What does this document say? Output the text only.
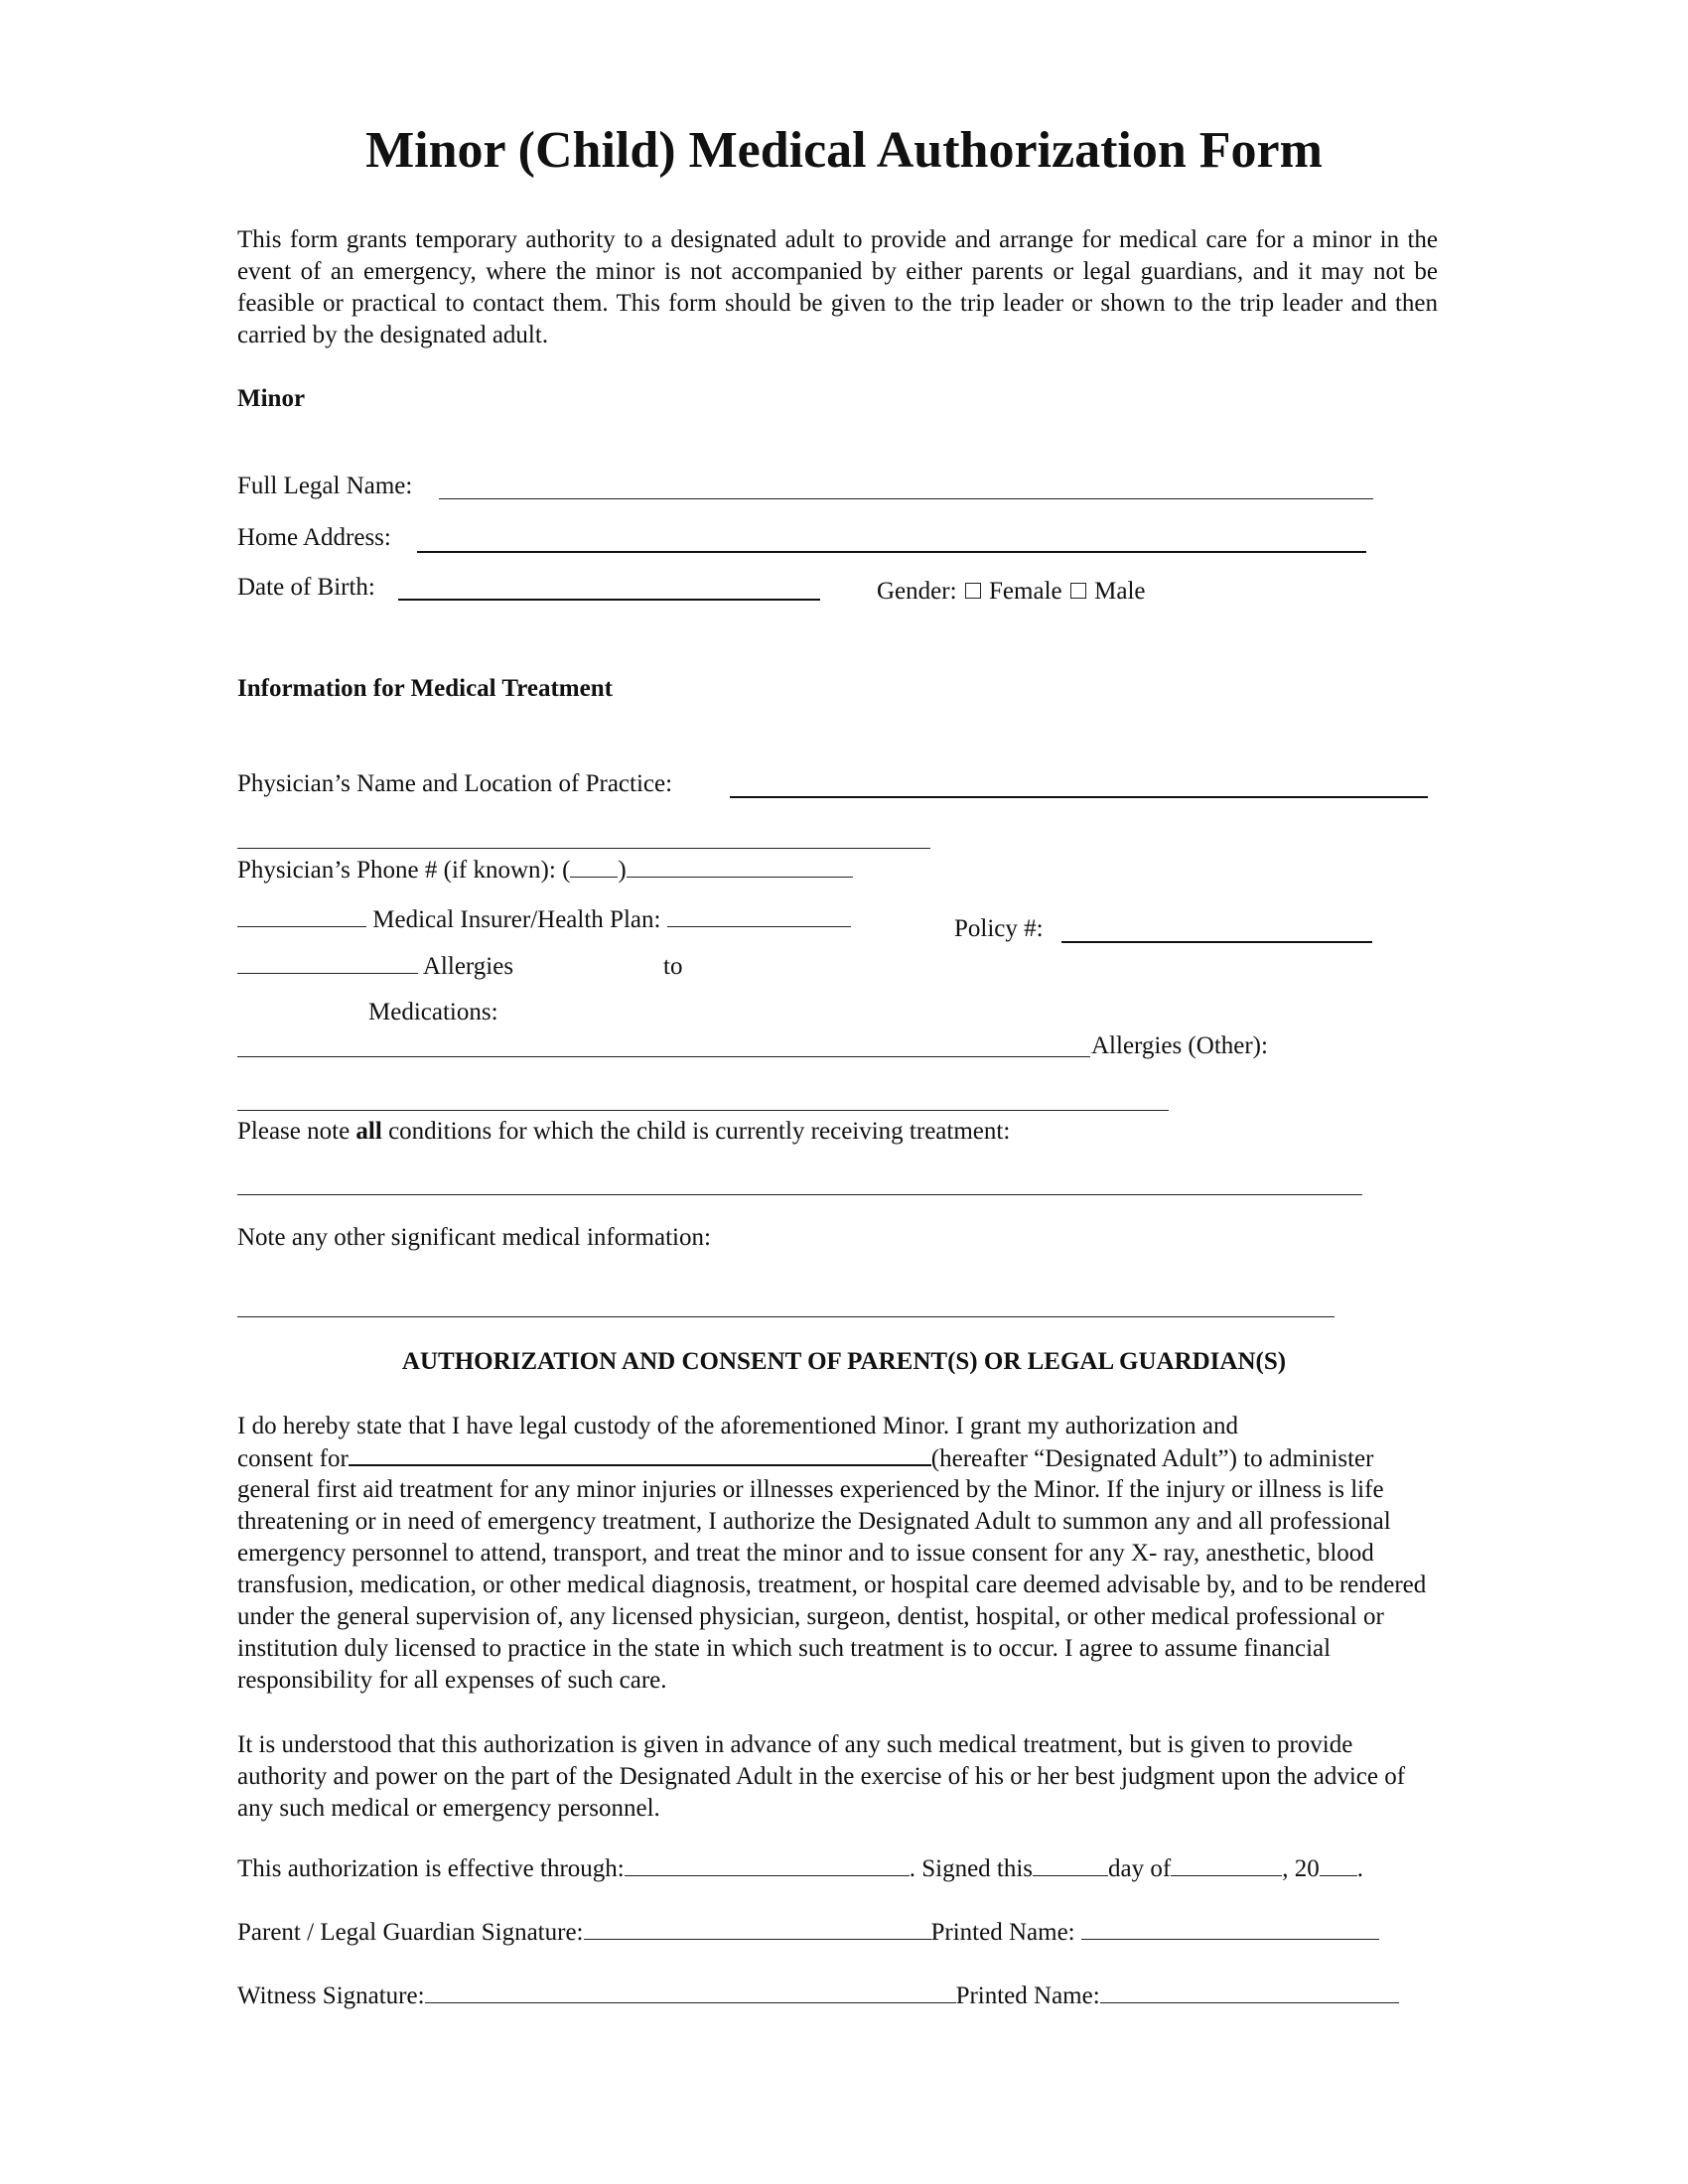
Minor (Child) Medical Authorization Form
This form grants temporary authority to a designated adult to provide and arrange for medical care for a minor in the event of an emergency, where the minor is not accompanied by either parents or legal guardians, and it may not be feasible or practical to contact them. This form should be given to the trip leader or shown to the trip leader and then carried by the designated adult.
Minor
Full Legal Name:
Home Address:
Date of Birth:	Gender: Female Male
Information for Medical Treatment
Physician’s Name and Location of Practice:
Physician’s Phone # (if known): ( )
Medical Insurer/Health Plan:	Policy #:
Allergies	to
Medications:
Allergies (Other):
Please note all conditions for which the child is currently receiving treatment:
Note any other significant medical information:
AUTHORIZATION AND CONSENT OF PARENT(S) OR LEGAL GUARDIAN(S)
I do hereby state that I have legal custody of the aforementioned Minor. I grant my authorization and
consent for	(hereafter “Designated Adult”) to administer
general first aid treatment for any minor injuries or illnesses experienced by the Minor. If the injury or illness is life threatening or in need of emergency treatment, I authorize the Designated Adult to summon any and all professional emergency personnel to attend, transport, and treat the minor and to issue consent for any X- ray, anesthetic, blood transfusion, medication, or other medical diagnosis, treatment, or hospital care deemed advisable by, and to be rendered under the general supervision of, any licensed physician, surgeon, dentist, hospital, or other medical professional or institution duly licensed to practice in the state in which such treatment is to occur. I agree to assume financial responsibility for all expenses of such care.
It is understood that this authorization is given in advance of any such medical treatment, but is given to provide authority and power on the part of the Designated Adult in the exercise of his or her best judgment upon the advice of any such medical or emergency personnel.
This authorization is effective through:	. Signed this	day of	, 20 .
Parent / Legal Guardian Signature:	Printed Name:
Witness Signature:	Printed Name:
